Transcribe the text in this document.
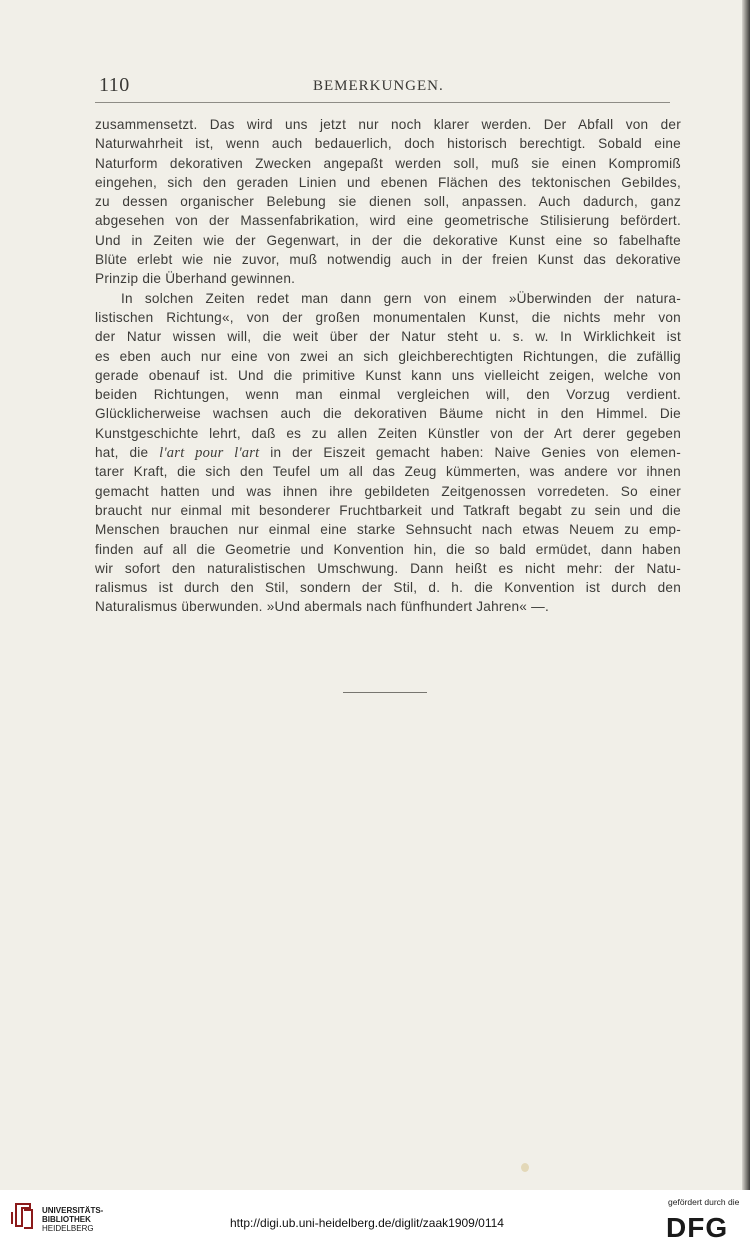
110	BEMERKUNGEN.
zusammensetzt. Das wird uns jetzt nur noch klarer werden. Der Abfall von der
Naturwahrheit ist, wenn auch bedauerlich, doch historisch berechtigt. Sobald eine
Naturform dekorativen Zwecken angepaßt werden soll, muß sie einen Kompromiß
eingehen, sich den geraden Linien und ebenen Flächen des tektonischen Gebildes,
zu dessen organischer Belebung sie dienen soll, anpassen. Auch dadurch, ganz
abgesehen von der Massenfabrikation, wird eine geometrische Stilisierung befördert.
Und in Zeiten wie der Gegenwart, in der die dekorative Kunst eine so fabelhafte
Blüte erlebt wie nie zuvor, muß notwendig auch in der freien Kunst das dekorative
Prinzip die Überhand gewinnen.
In solchen Zeiten redet man dann gern von einem »Überwinden der natura-
listischen Richtung«, von der großen monumentalen Kunst, die nichts mehr von
der Natur wissen will, die weit über der Natur steht u. s. w. In Wirklichkeit ist
es eben auch nur eine von zwei an sich gleichberechtigten Richtungen, die zufällig
gerade obenauf ist. Und die primitive Kunst kann uns vielleicht zeigen, welche von
beiden Richtungen, wenn man einmal vergleichen will, den Vorzug verdient.
Glücklicherweise wachsen auch die dekorativen Bäume nicht in den Himmel. Die
Kunstgeschichte lehrt, daß es zu allen Zeiten Künstler von der Art derer gegeben
hat, die l'art pour l'art in der Eiszeit gemacht haben: Naive Genies von elemen-
tarer Kraft, die sich den Teufel um all das Zeug kümmerten, was andere vor ihnen
gemacht hatten und was ihnen ihre gebildeten Zeitgenossen vorredeten. So einer
braucht nur einmal mit besonderer Fruchtbarkeit und Tatkraft begabt zu sein und die
Menschen brauchen nur einmal eine starke Sehnsucht nach etwas Neuem zu emp-
finden auf all die Geometrie und Konvention hin, die so bald ermüdet, dann haben
wir sofort den naturalistischen Umschwung. Dann heißt es nicht mehr: der Natu-
ralismus ist durch den Stil, sondern der Stil, d. h. die Konvention ist durch den
Naturalismus überwunden. »Und abermals nach fünfhundert Jahren« —.
UNIVERSITÄTS-
BIBLIOTHEK
HEIDELBERG	http://digi.ub.uni-heidelberg.de/diglit/zaak1909/0114
gefördert durch die
DFG
